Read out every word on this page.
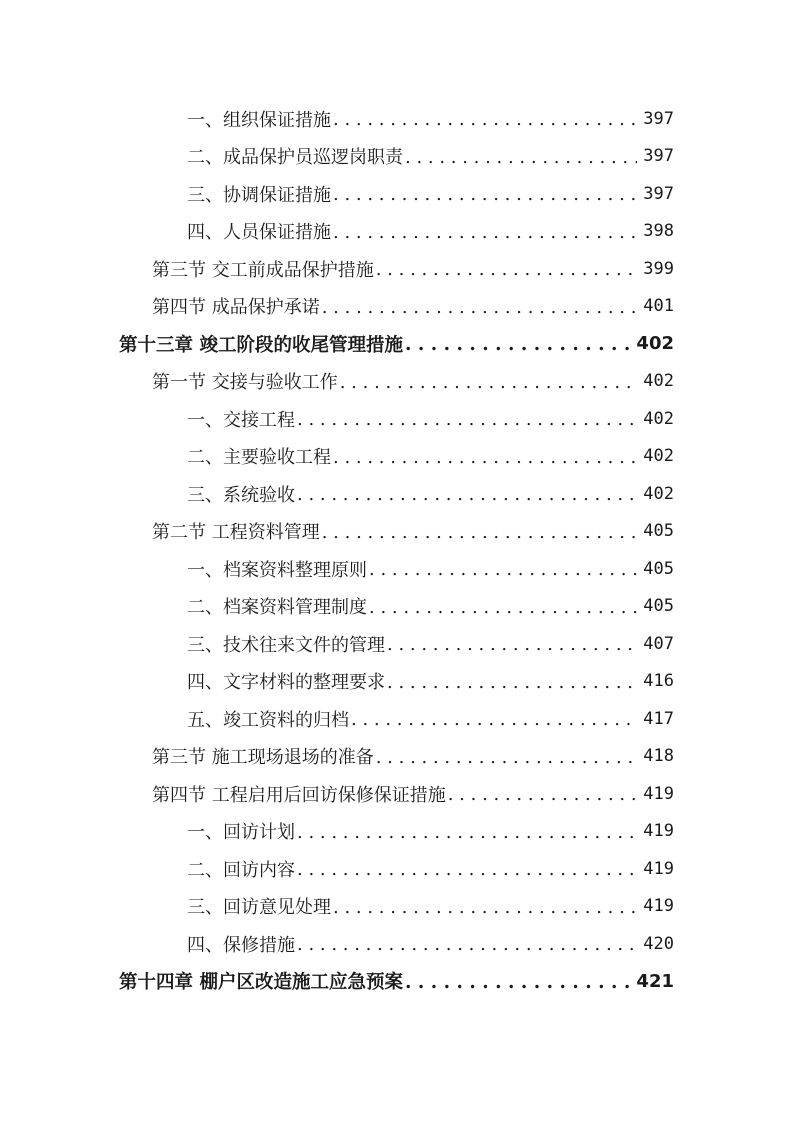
一、组织保证措施 . . .	397
二、成品保护员巡逻岗职责 . . .	397
三、协调保证措施 . . .	397
四、人员保证措施 . . .	398
第三节 交工前成品保护措施 . . .	399
第四节 成品保护承诺 . . .	401
第十三章 竣工阶段的收尾管理措施 . . .	402
第一节 交接与验收工作 . . .	402
一、交接工程 . . .	402
二、主要验收工程 . . .	402
三、系统验收 . . .	402
第二节 工程资料管理 . . .	405
一、档案资料整理原则 . . .	405
二、档案资料管理制度 . . .	405
三、技术往来文件的管理 . . .	407
四、文字材料的整理要求 . . .	416
五、竣工资料的归档 . . .	417
第三节 施工现场退场的准备 . . .	418
第四节 工程启用后回访保修保证措施 . . .	419
一、回访计划 . . .	419
二、回访内容 . . .	419
三、回访意见处理 . . .	419
四、保修措施 . . .	420
第十四章 棚户区改造施工应急预案 . . .	421
